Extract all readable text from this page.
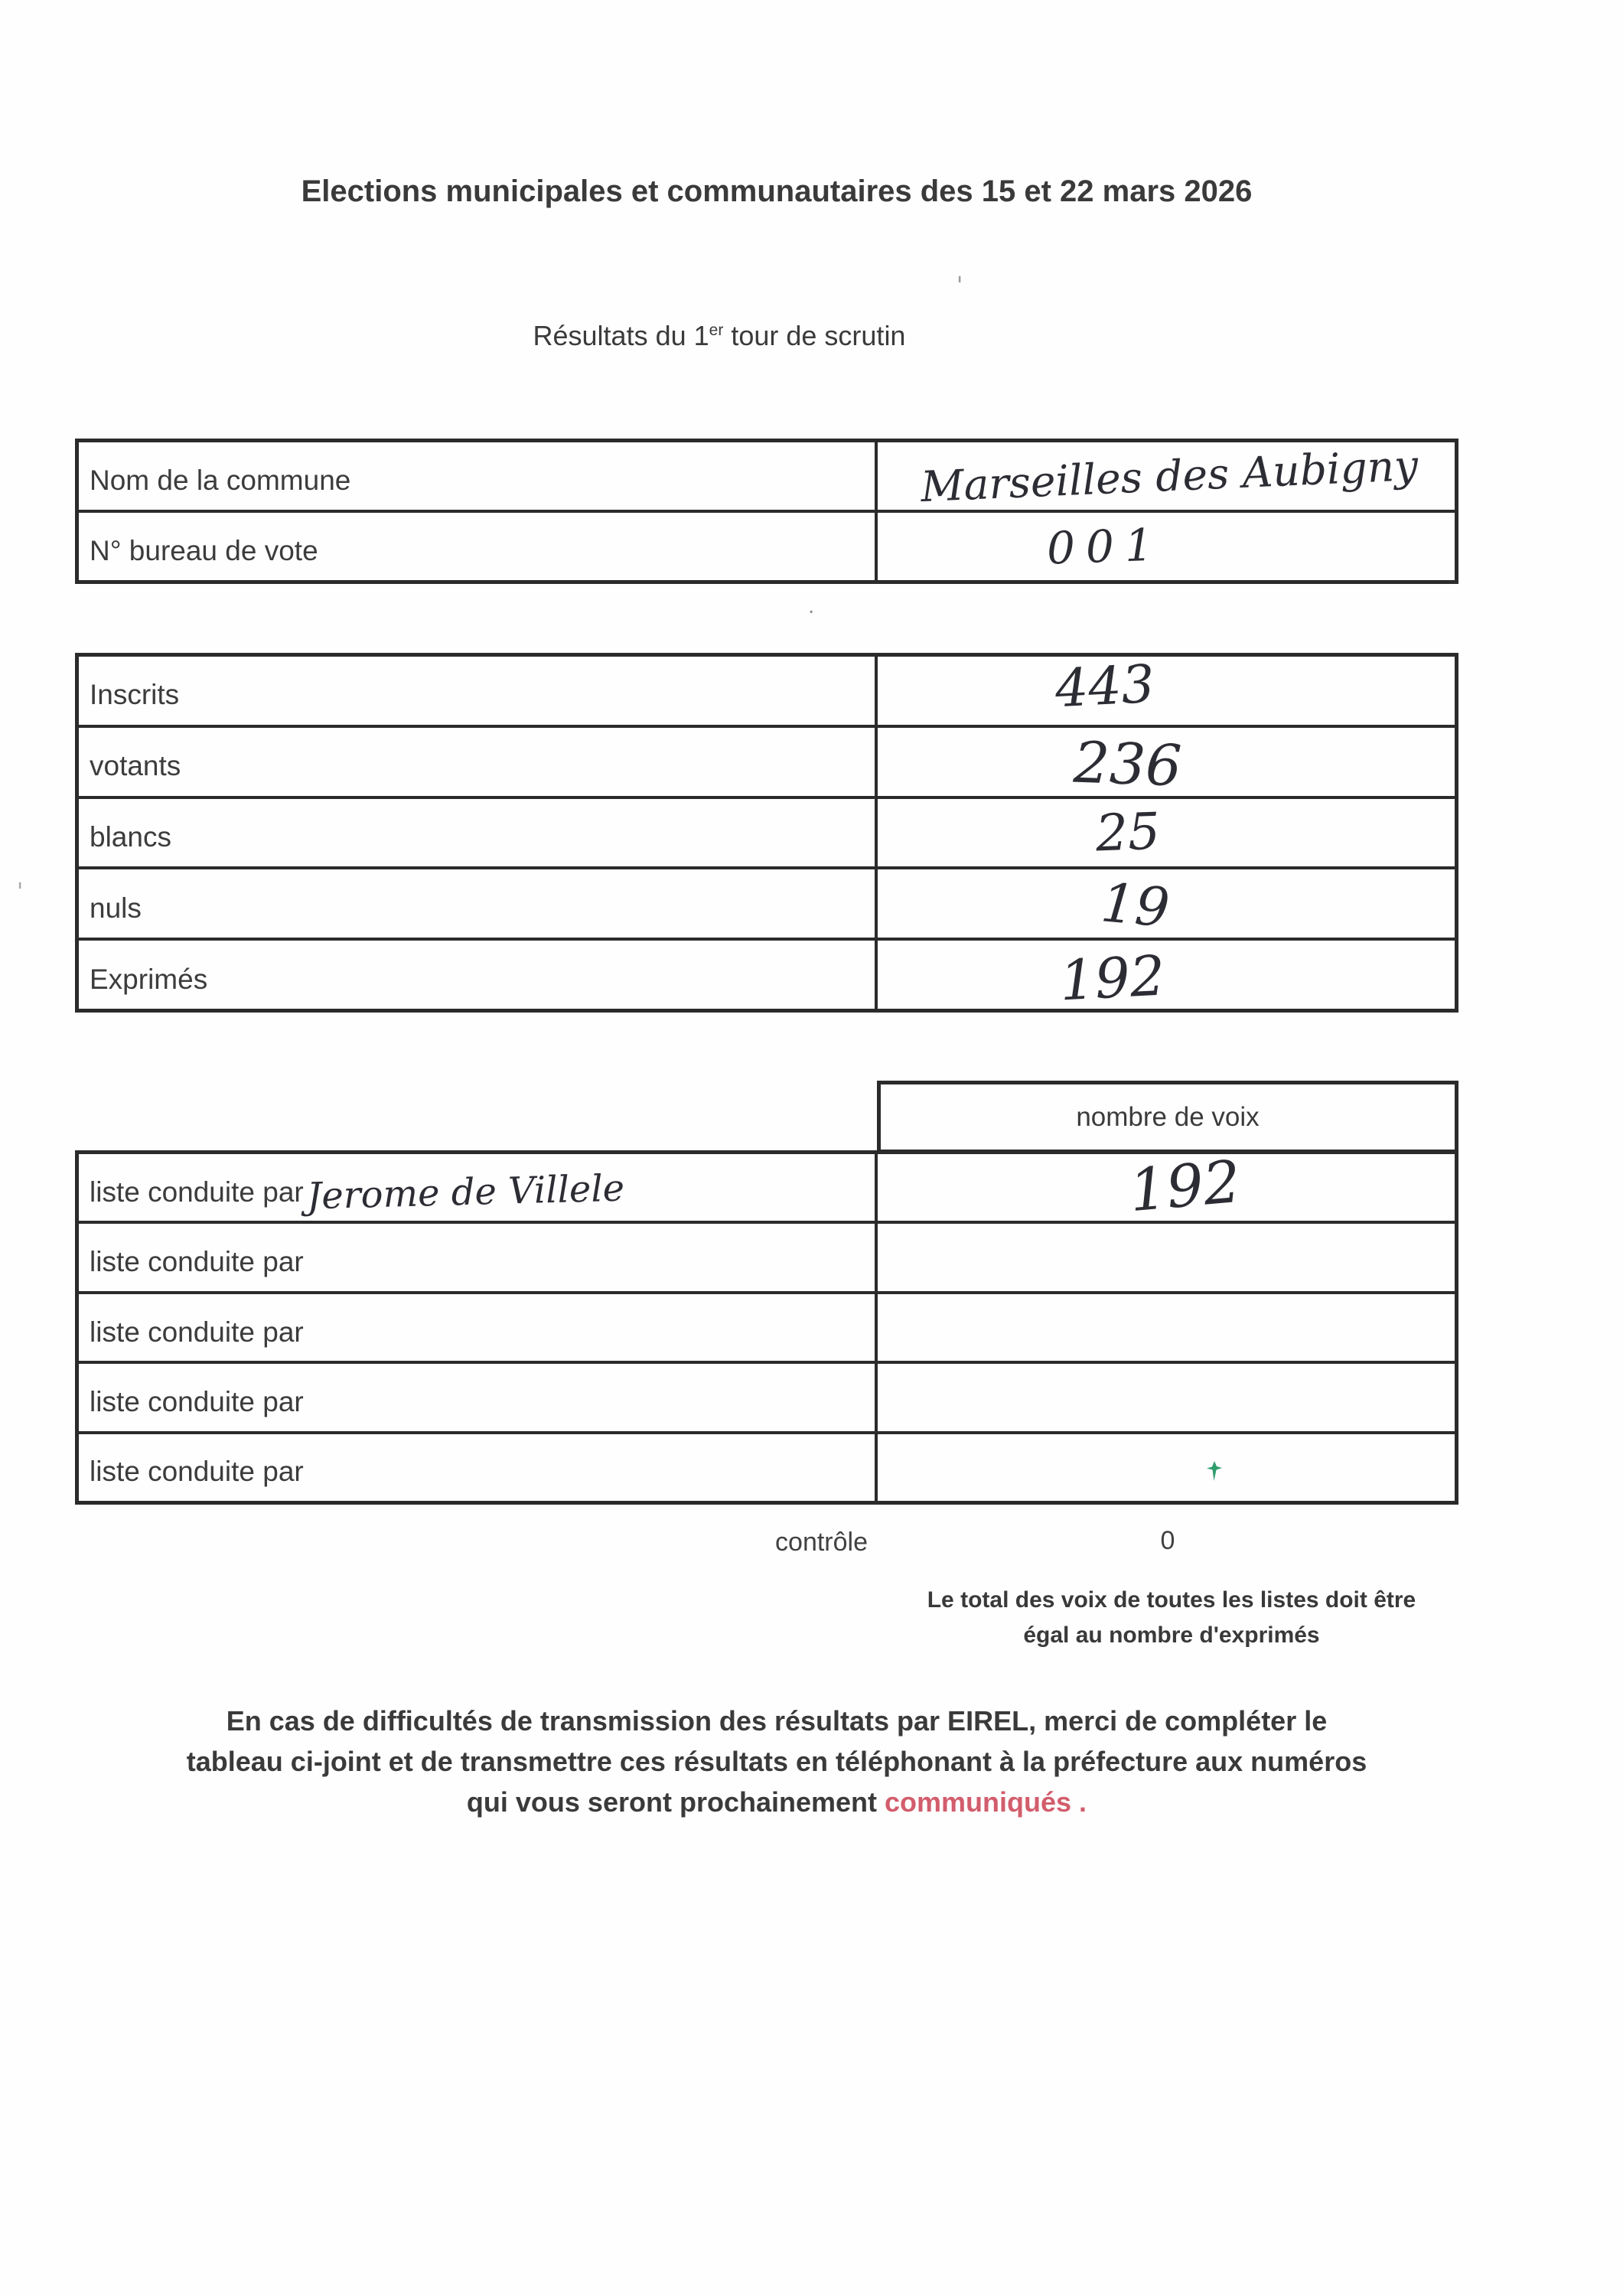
Elections municipales et communautaires des 15 et 22 mars 2026
Résultats du 1er tour de scrutin
Nom de la commune	Marseilles des Aubigny
N° bureau de vote	001
Inscrits	443
votants	236
blancs	25
nuls	19
Exprimés	192
nombre de voix
liste conduite par Jerome de Villele	192
liste conduite par
liste conduite par
liste conduite par
liste conduite par
contrôle	0
Le total des voix de toutes les listes doit être
égal au nombre d'exprimés
En cas de difficultés de transmission des résultats par EIREL, merci de compléter le
tableau ci-joint et de transmettre ces résultats en téléphonant à la préfecture aux numéros
qui vous seront prochainement communiqués .
'
.
'
